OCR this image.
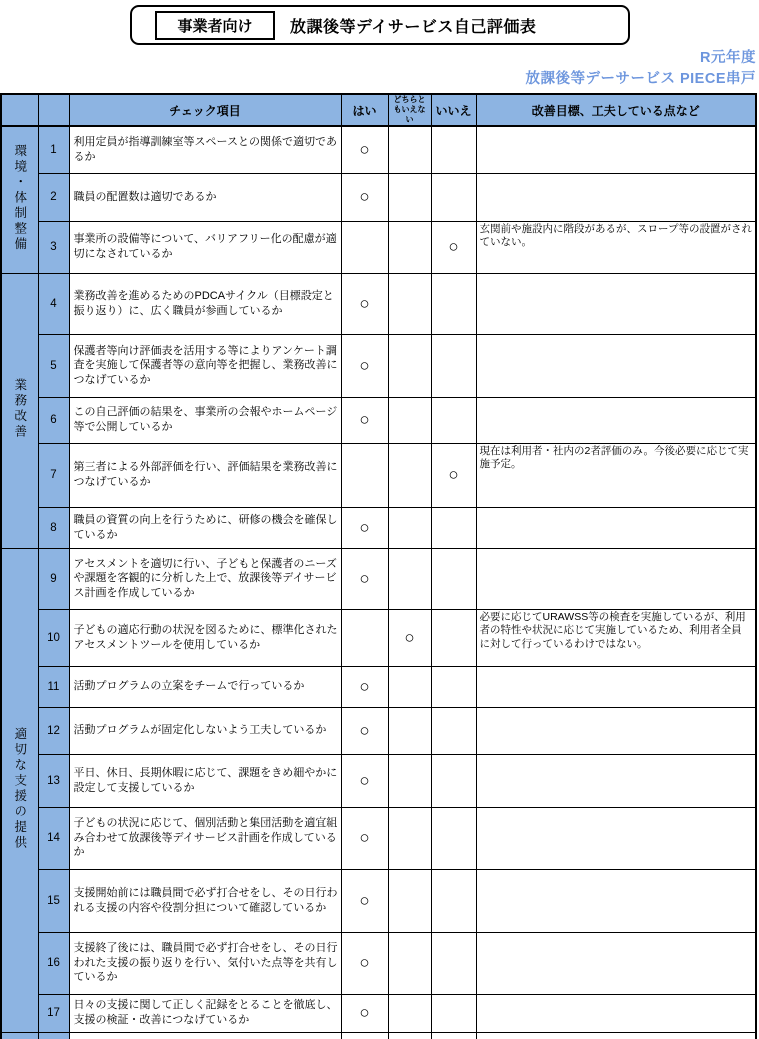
事業者向け	放課後等デイサービス自己評価表
R元年度
放課後等デーサービス PIECE串戸
		チェック項目	はい	どちらともいえない	いいえ	改善目標、工夫している点など
環境・体制整備	1	利用定員が指導訓練室等スペースとの関係で適切であるか	○			
	2	職員の配置数は適切であるか	○			
	3	事業所の設備等について、バリアフリー化の配慮が適切になされているか			○	玄関前や施設内に階段があるが、スロープ等の設置がされていない。
業務改善	4	業務改善を進めるためのPDCAサイクル（目標設定と振り返り）に、広く職員が参画しているか	○			
	5	保護者等向け評価表を活用する等によりアンケート調査を実施して保護者等の意向等を把握し、業務改善につなげているか	○			
	6	この自己評価の結果を、事業所の会報やホームページ等で公開しているか	○			
	7	第三者による外部評価を行い、評価結果を業務改善につなげているか			○	現在は利用者・社内の2者評価のみ。今後必要に応じて実施予定。
	8	職員の資質の向上を行うために、研修の機会を確保しているか	○			
適切な支援の提供	9	アセスメントを適切に行い、子どもと保護者のニーズや課題を客観的に分析した上で、放課後等デイサービス計画を作成しているか	○			
	10	子どもの適応行動の状況を図るために、標準化されたアセスメントツールを使用しているか		○		必要に応じてURAWSS等の検査を実施しているが、利用者の特性や状況に応じて実施しているため、利用者全員に対して行っているわけではない。
	11	活動プログラムの立案をチームで行っているか	○			
	12	活動プログラムが固定化しないよう工夫しているか	○			
	13	平日、休日、長期休暇に応じて、課題をきめ細やかに設定して支援しているか	○			
	14	子どもの状況に応じて、個別活動と集団活動を適宜組み合わせて放課後等デイサービス計画を作成しているか	○			
	15	支援開始前には職員間で必ず打合せをし、その日行われる支援の内容や役割分担について確認しているか	○			
	16	支援終了後には、職員間で必ず打合せをし、その日行われた支援の振り返りを行い、気付いた点等を共有しているか	○			
	17	日々の支援に関して正しく記録をとることを徹底し、支援の検証・改善につなげているか	○			
